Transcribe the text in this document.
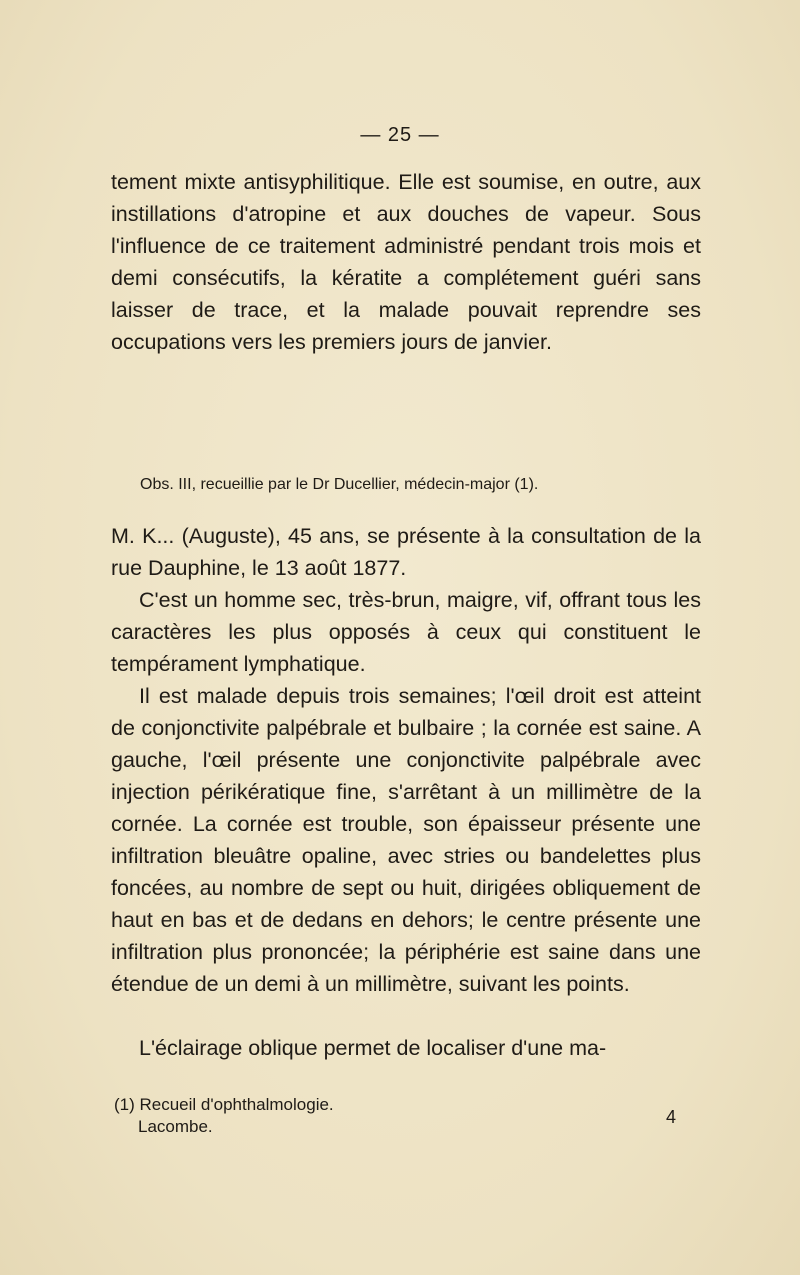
— 25 —

tement mixte antisyphilitique. Elle est soumise, en outre, aux instillations d'atropine et aux douches de vapeur. Sous l'influence de ce traitement administré pendant trois mois et demi consécutifs, la kératite a complétement guéri sans laisser de trace, et la malade pouvait reprendre ses occupations vers les premiers jours de janvier.

Obs. III, recueillie par le Dr Ducellier, médecin-major (1).

M. K... (Auguste), 45 ans, se présente à la consultation de la rue Dauphine, le 13 août 1877.

C'est un homme sec, très-brun, maigre, vif, offrant tous les caractères les plus opposés à ceux qui constituent le tempérament lymphatique.

Il est malade depuis trois semaines; l'œil droit est atteint de conjonctivite palpébrale et bulbaire ; la cornée est saine. A gauche, l'œil présente une conjonctivite palpébrale avec injection périkératique fine, s'arrêtant à un millimètre de la cornée. La cornée est trouble, son épaisseur présente une infiltration bleuâtre opaline, avec stries ou bandelettes plus foncées, au nombre de sept ou huit, dirigées obliquement de haut en bas et de dedans en dehors; le centre présente une infiltration plus prononcée; la périphérie est saine dans une étendue de un demi à un millimètre, suivant les points.

L'éclairage oblique permet de localiser d'une ma-

(1) Recueil d'ophthalmologie.
Lacombe.	4
